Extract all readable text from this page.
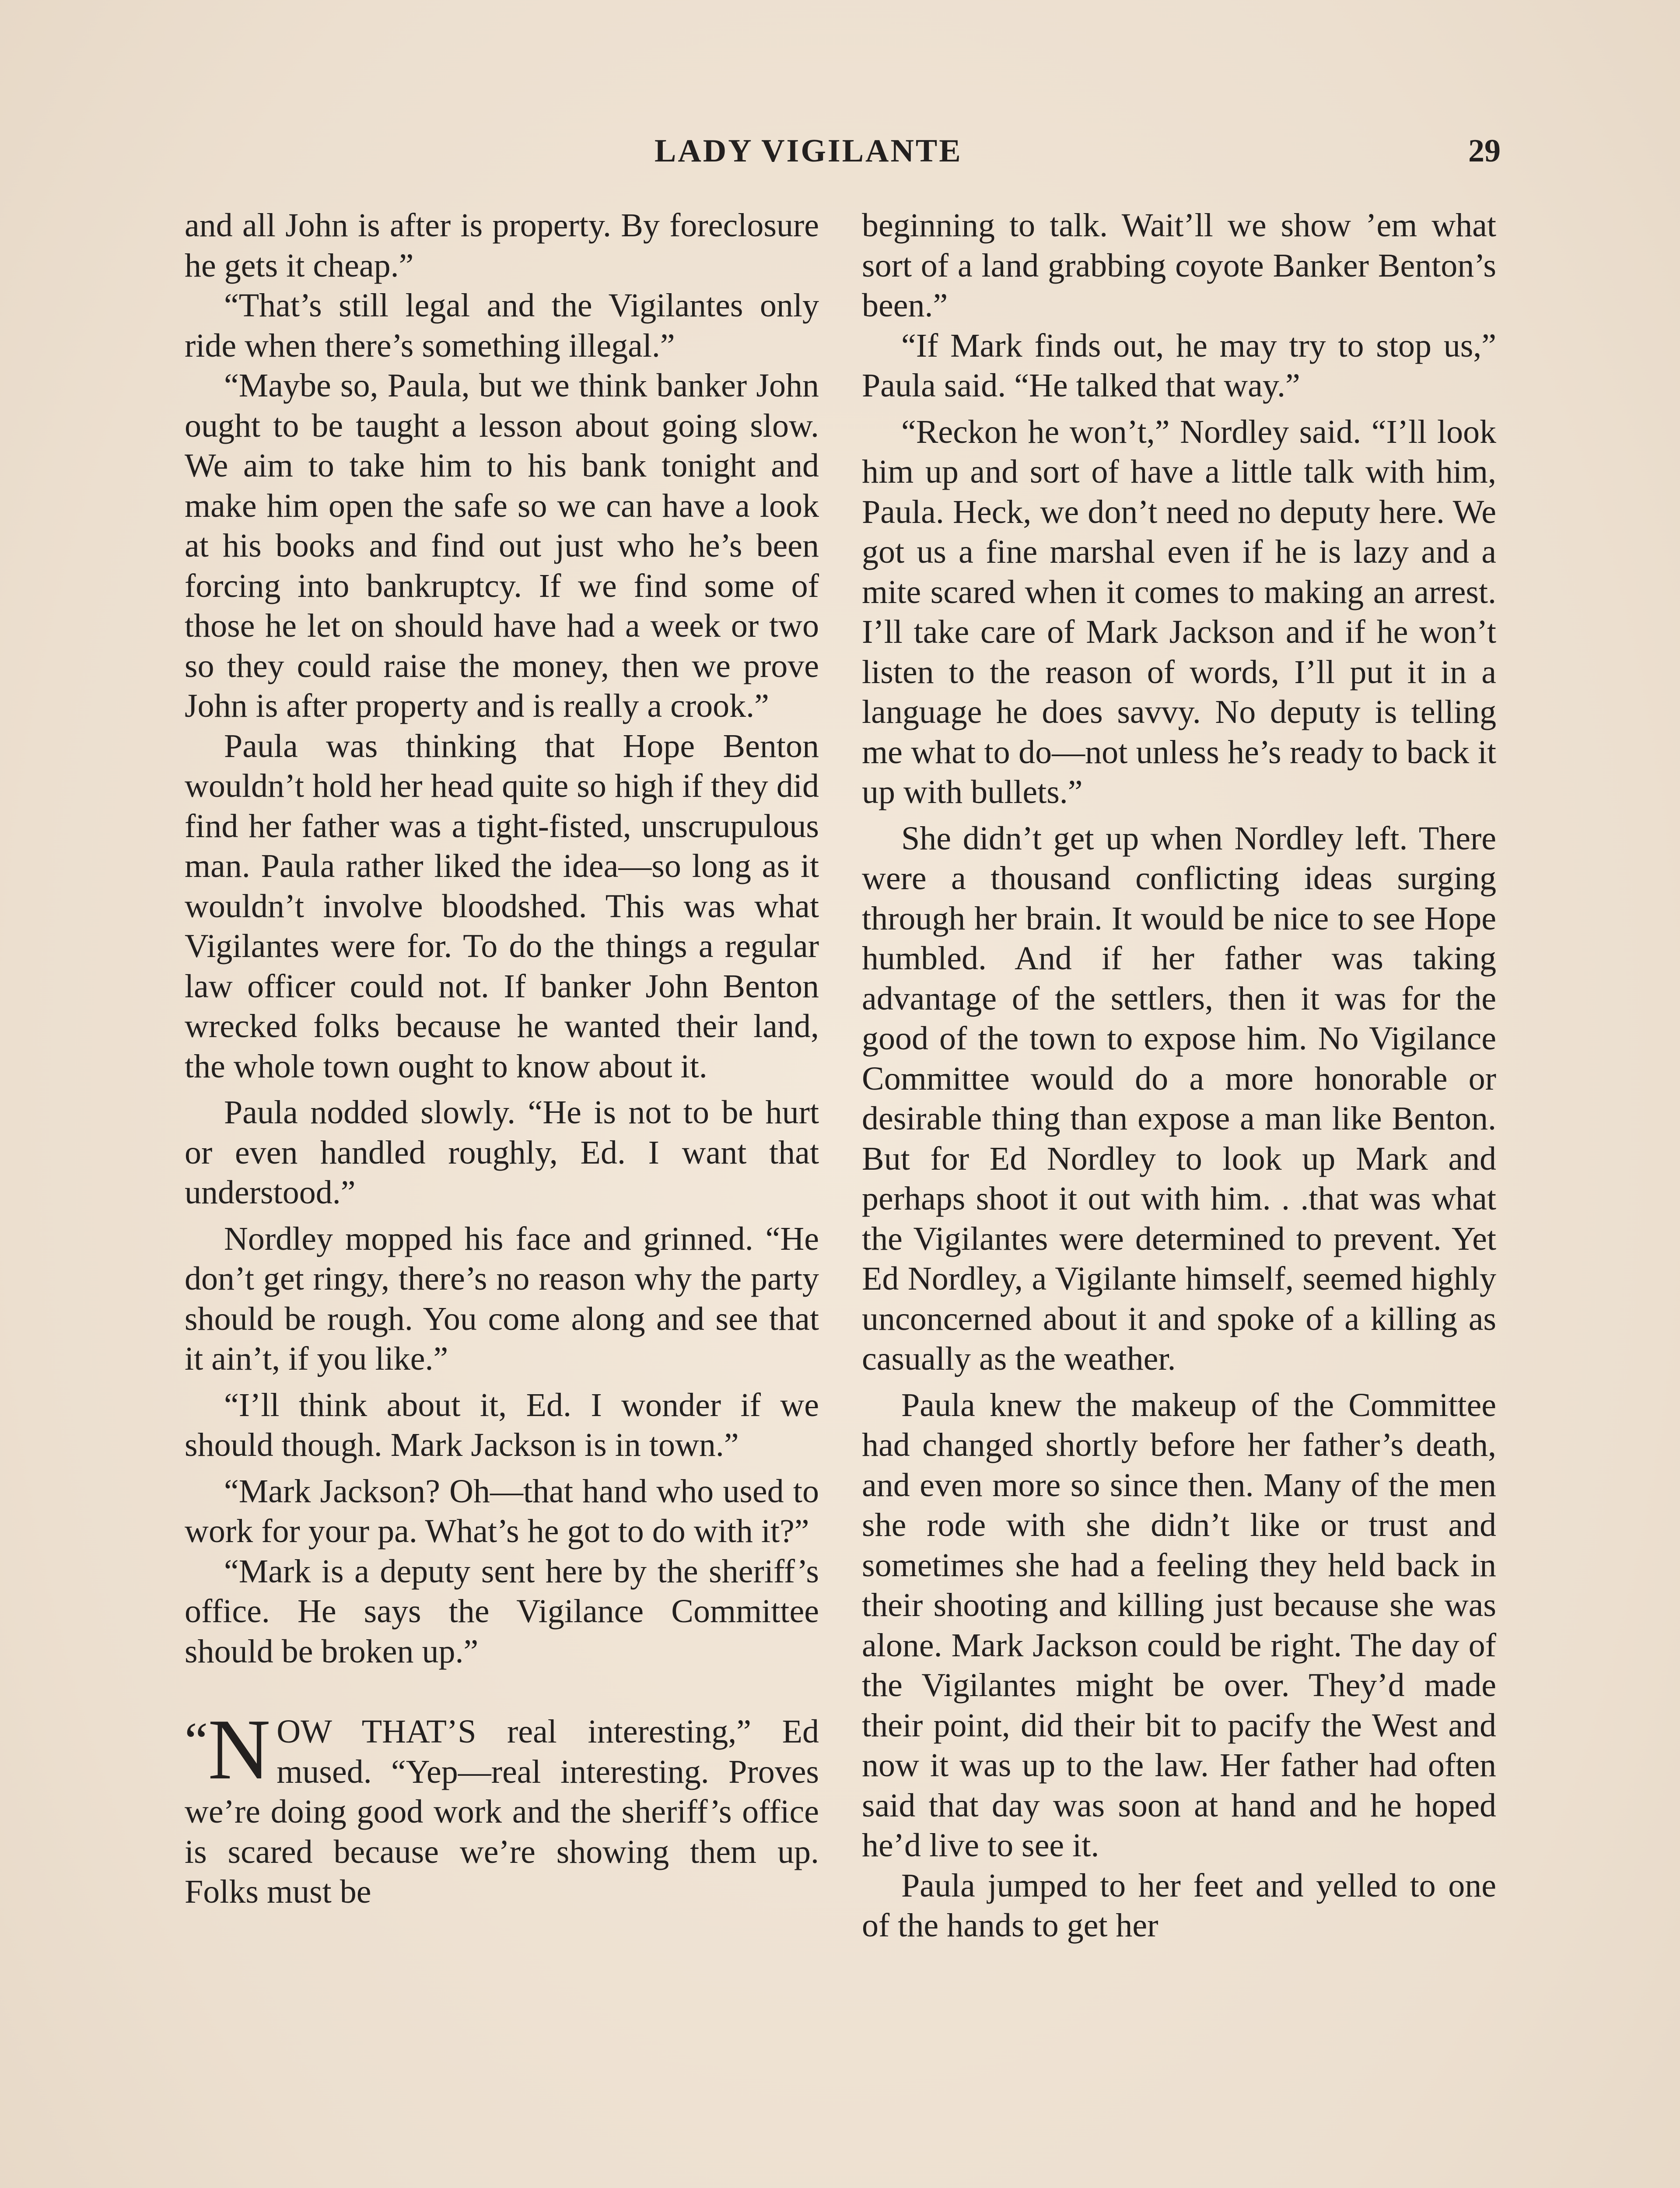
LADY VIGILANTE	29

and all John is after is property. By foreclosure he gets it cheap.”

“That’s still legal and the Vigilantes only ride when there’s something illegal.”

“Maybe so, Paula, but we think banker John ought to be taught a lesson about going slow. We aim to take him to his bank tonight and make him open the safe so we can have a look at his books and find out just who he’s been forcing into bankruptcy. If we find some of those he let on should have had a week or two so they could raise the money, then we prove John is after property and is really a crook.”

Paula was thinking that Hope Benton wouldn’t hold her head quite so high if they did find her father was a tight-fisted, unscrupulous man. Paula rather liked the idea—so long as it wouldn’t involve bloodshed. This was what Vigilantes were for. To do the things a regular law officer could not. If banker John Benton wrecked folks because he wanted their land, the whole town ought to know about it.

Paula nodded slowly. “He is not to be hurt or even handled roughly, Ed. I want that understood.”

Nordley mopped his face and grinned. “He don’t get ringy, there’s no reason why the party should be rough. You come along and see that it ain’t, if you like.”

“I’ll think about it, Ed. I wonder if we should though. Mark Jackson is in town.”

“Mark Jackson? Oh—that hand who used to work for your pa. What’s he got to do with it?”

“Mark is a deputy sent here by the sheriff’s office. He says the Vigilance Committee should be broken up.”

“N OW THAT’S real interesting,” Ed mused. “Yep—real interesting. Proves we’re doing good work and the sheriff’s office is scared because we’re showing them up. Folks must be

beginning to talk. Wait’ll we show ’em what sort of a land grabbing coyote Banker Benton’s been.”

“If Mark finds out, he may try to stop us,” Paula said. “He talked that way.”

“Reckon he won’t,” Nordley said. “I’ll look him up and sort of have a little talk with him, Paula. Heck, we don’t need no deputy here. We got us a fine marshal even if he is lazy and a mite scared when it comes to making an arrest. I’ll take care of Mark Jackson and if he won’t listen to the reason of words, I’ll put it in a language he does savvy. No deputy is telling me what to do—not unless he’s ready to back it up with bullets.”

She didn’t get up when Nordley left. There were a thousand conflicting ideas surging through her brain. It would be nice to see Hope humbled. And if her father was taking advantage of the settlers, then it was for the good of the town to expose him. No Vigilance Committee would do a more honorable or desirable thing than expose a man like Benton. But for Ed Nordley to look up Mark and perhaps shoot it out with him. . .that was what the Vigilantes were determined to prevent. Yet Ed Nordley, a Vigilante himself, seemed highly unconcerned about it and spoke of a killing as casually as the weather.

Paula knew the makeup of the Committee had changed shortly before her father’s death, and even more so since then. Many of the men she rode with she didn’t like or trust and sometimes she had a feeling they held back in their shooting and killing just because she was alone. Mark Jackson could be right. The day of the Vigilantes might be over. They’d made their point, did their bit to pacify the West and now it was up to the law. Her father had often said that day was soon at hand and he hoped he’d live to see it.

Paula jumped to her feet and yelled to one of the hands to get her
